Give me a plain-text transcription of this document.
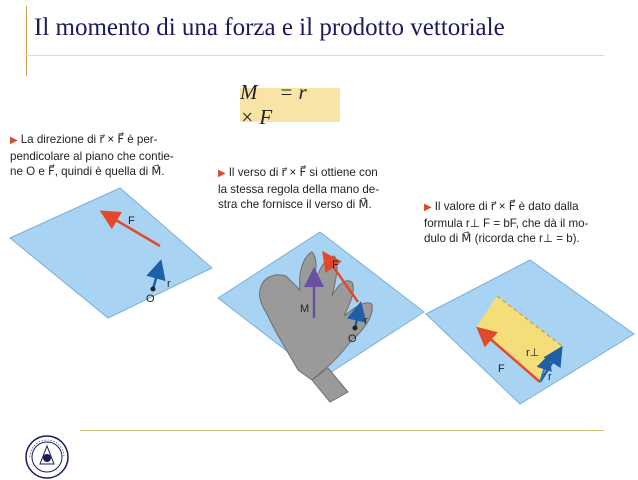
Il momento di una forza e il prodotto vettoriale
M⃗ = r⃗ × F⃗
▶ La direzione di r⃗ × F⃗ è per-
pendicolare al piano che contie-
ne O e F⃗, quindi è quella di M⃗.	▶ Il verso di r⃗ × F⃗ si ottiene con
la stessa regola della mano de-
stra che fornisce il verso di M⃗.	▶ Il valore di r⃗ × F⃗ è dato dalla
formula r⊥ F = bF, che dà il mo-
dulo di M⃗ (ricorda che r⊥ = b).
F
r
O
F
M
r
O
r⊥
F
r
